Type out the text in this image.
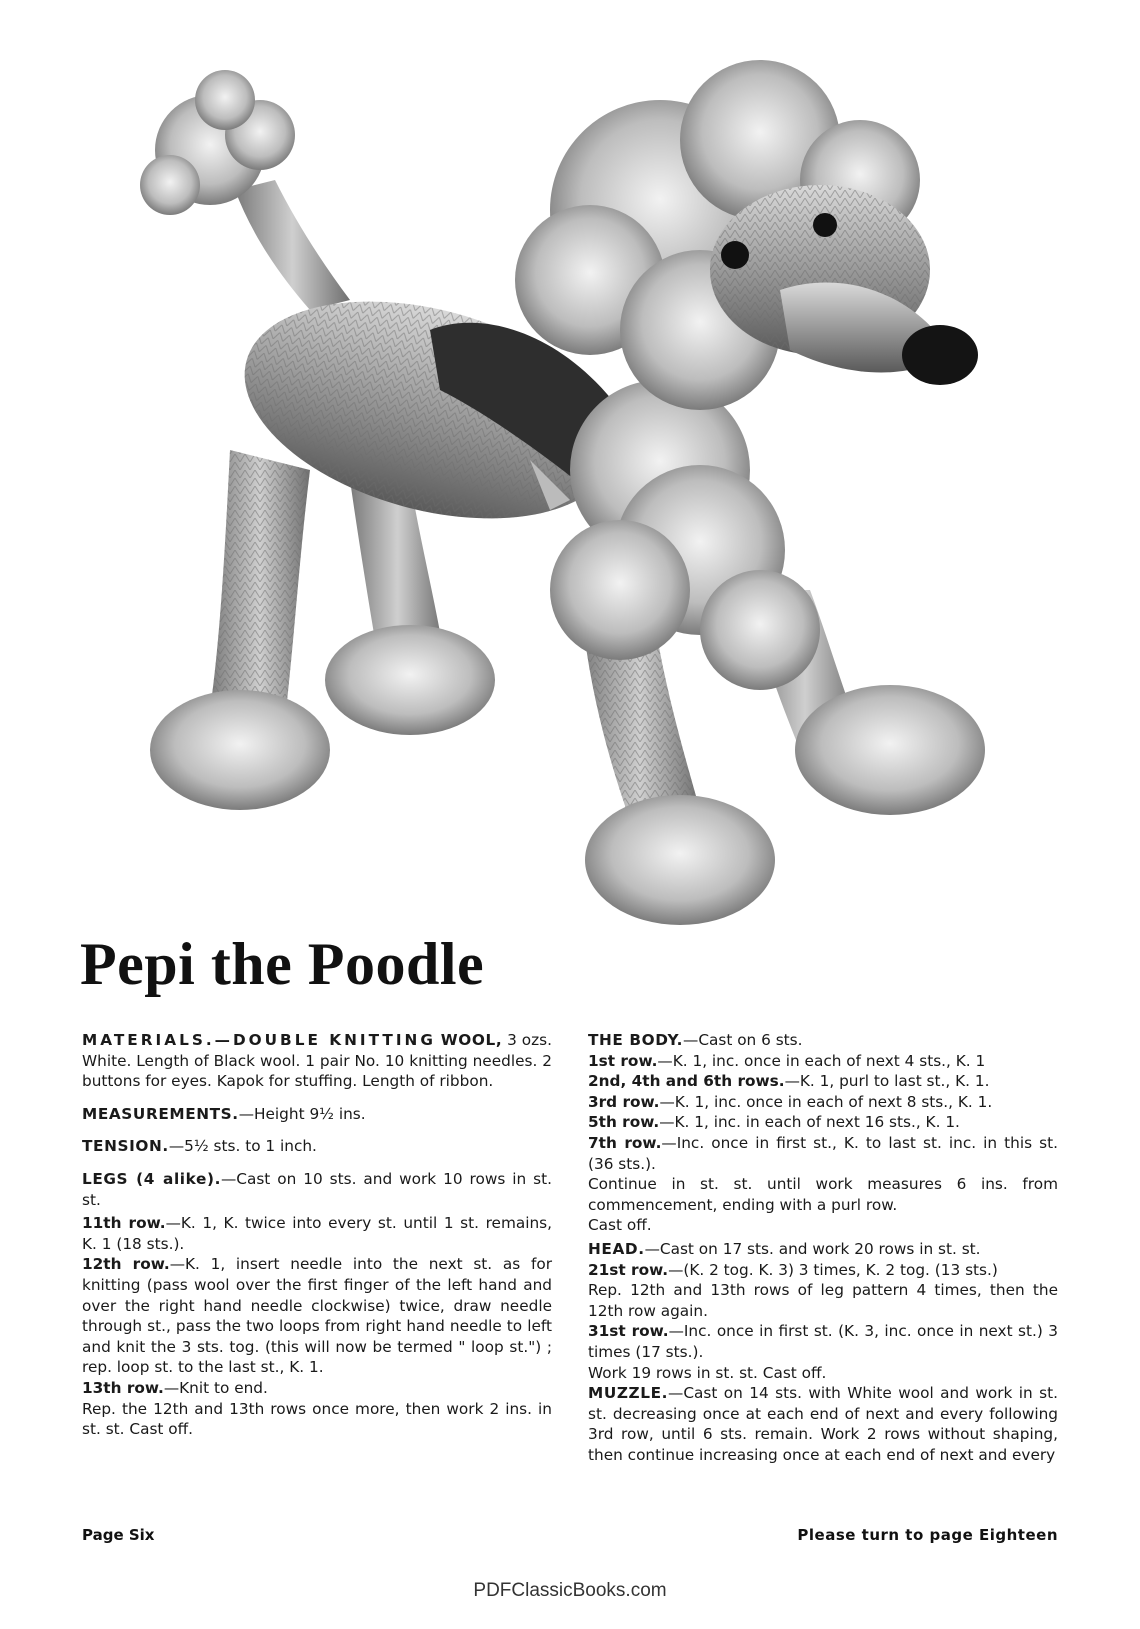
Pepi the Poodle

MATERIALS.—DOUBLE KNITTING WOOL, 3 ozs. White. Length of Black wool. 1 pair No. 10 knitting needles. 2 buttons for eyes. Kapok for stuffing. Length of ribbon.

MEASUREMENTS.—Height 9½ ins.

TENSION.—5½ sts. to 1 inch.

LEGS (4 alike).—Cast on 10 sts. and work 10 rows in st. st.

11th row.—K. 1, K. twice into every st. until 1 st. remains, K. 1 (18 sts.).

12th row.—K. 1, insert needle into the next st. as for knitting (pass wool over the first finger of the left hand and over the right hand needle clockwise) twice, draw needle through st., pass the two loops from right hand needle to left and knit the 3 sts. tog. (this will now be termed " loop st.") ; rep. loop st. to the last st., K. 1.

13th row.—Knit to end.

Rep. the 12th and 13th rows once more, then work 2 ins. in st. st. Cast off.

THE BODY.—Cast on 6 sts.

1st row.—K. 1, inc. once in each of next 4 sts., K. 1

2nd, 4th and 6th rows.—K. 1, purl to last st., K. 1.

3rd row.—K. 1, inc. once in each of next 8 sts., K. 1.

5th row.—K. 1, inc. in each of next 16 sts., K. 1.

7th row.—Inc. once in first st., K. to last st. inc. in this st. (36 sts.).

Continue in st. st. until work measures 6 ins. from commencement, ending with a purl row.

Cast off.

HEAD.—Cast on 17 sts. and work 20 rows in st. st.

21st row.—(K. 2 tog. K. 3) 3 times, K. 2 tog. (13 sts.)

Rep. 12th and 13th rows of leg pattern 4 times, then the 12th row again.

31st row.—Inc. once in first st. (K. 3, inc. once in next st.) 3 times (17 sts.).

Work 19 rows in st. st. Cast off.

MUZZLE.—Cast on 14 sts. with White wool and work in st. st. decreasing once at each end of next and every following 3rd row, until 6 sts. remain. Work 2 rows without shaping, then continue increasing once at each end of next and every

Page Six	Please turn to page Eighteen
PDFClassicBooks.com
